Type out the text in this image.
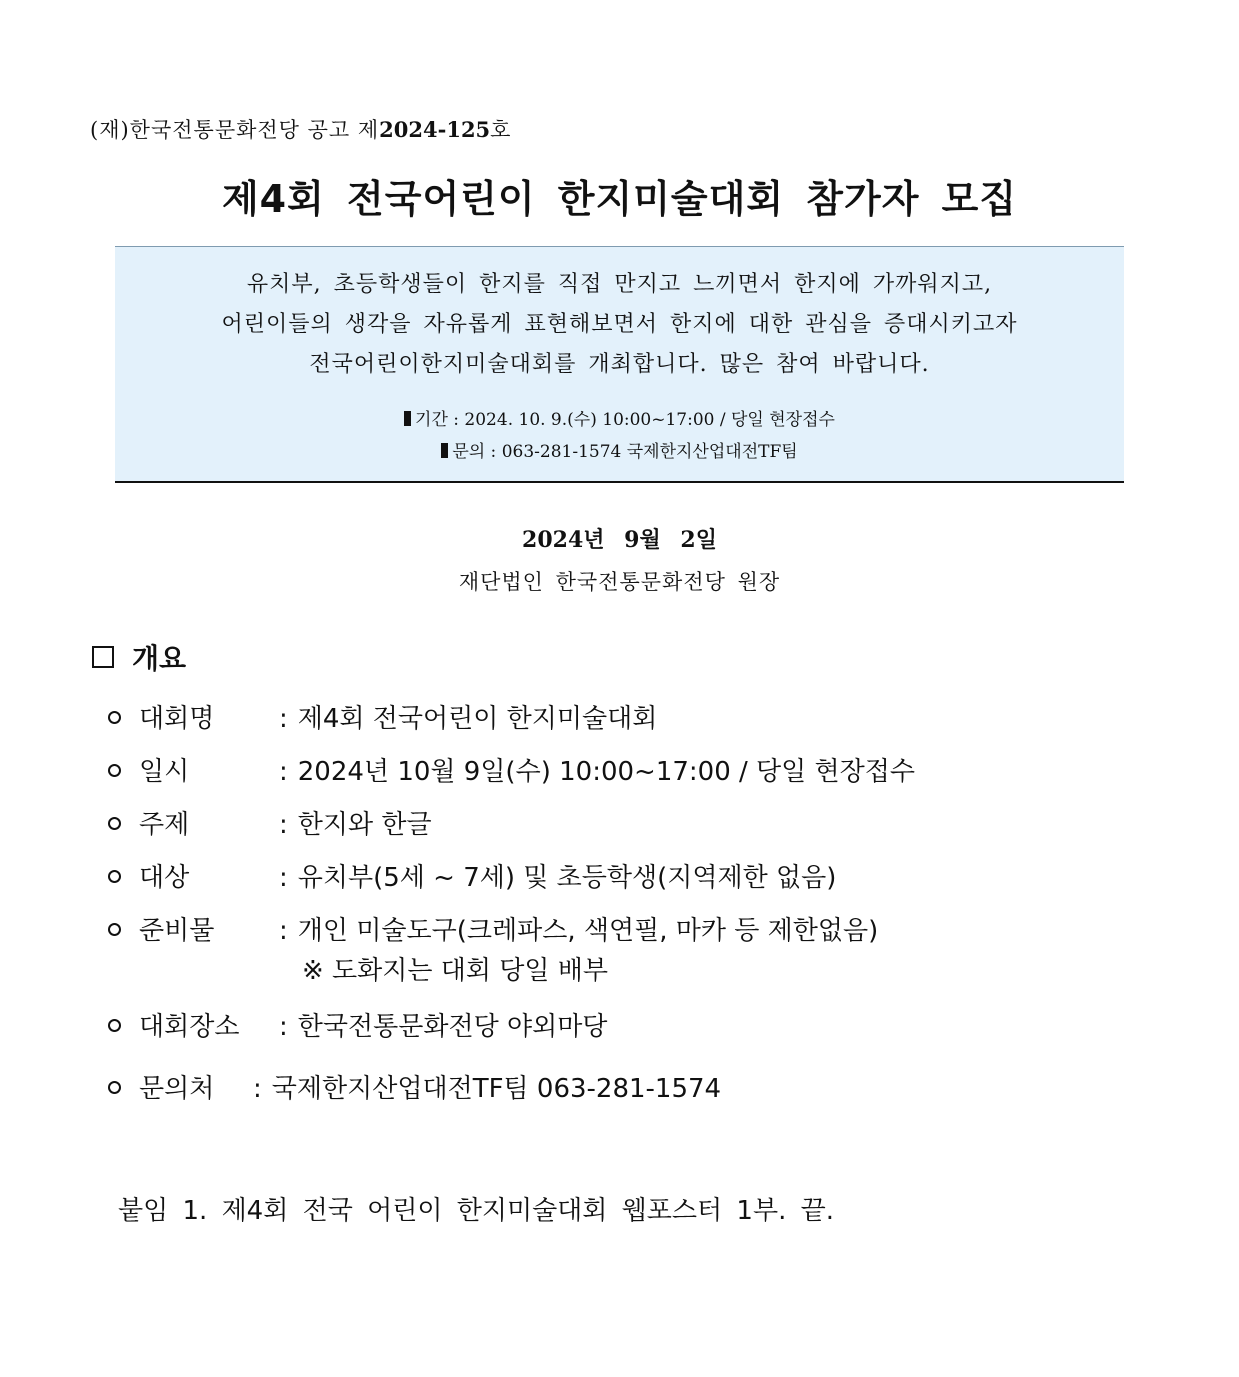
(재)한국전통문화전당 공고 제2024-125호
제4회 전국어린이 한지미술대회 참가자 모집
유치부, 초등학생들이 한지를 직접 만지고 느끼면서 한지에 가까워지고,
어린이들의 생각을 자유롭게 표현해보면서 한지에 대한 관심을 증대시키고자
전국어린이한지미술대회를 개최합니다. 많은 참여 바랍니다.
기간 : 2024. 10. 9.(수) 10:00~17:00 / 당일 현장접수
문의 : 063-281-1574 국제한지산업대전TF팀
2024년 9월 2일
재단법인 한국전통문화전당 원장
개요
대회명	: 제4회 전국어린이 한지미술대회
일시	: 2024년 10월 9일(수) 10:00~17:00 / 당일 현장접수
주제	: 한지와 한글
대상	: 유치부(5세 ~ 7세) 및 초등학생(지역제한 없음)
준비물	: 개인 미술도구(크레파스, 색연필, 마카 등 제한없음)
※ 도화지는 대회 당일 배부
대회장소	: 한국전통문화전당 야외마당
문의처	: 국제한지산업대전TF팀 063-281-1574
붙임 1. 제4회 전국 어린이 한지미술대회 웹포스터 1부. 끝.
